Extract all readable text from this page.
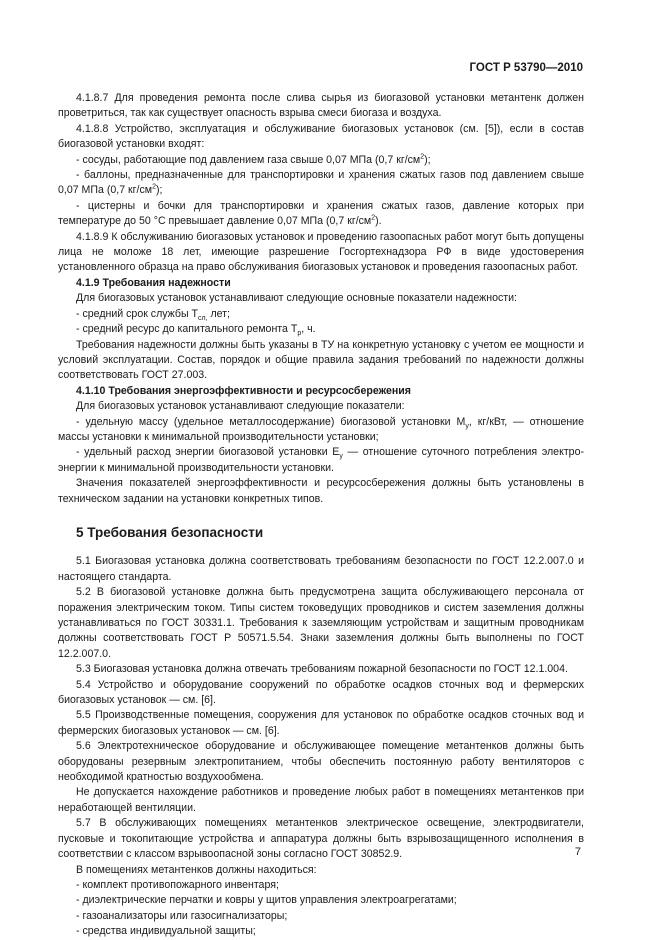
ГОСТ Р 53790—2010

4.1.8.7 Для проведения ремонта после слива сырья из биогазовой установки метантенк должен проветриться, так как существует опасность взрыва смеси биогаза и воздуха.

4.1.8.8 Устройство, эксплуатация и обслуживание биогазовых установок (см. [5]), если в состав биогазовой установки входят:

- сосуды, работающие под давлением газа свыше 0,07 МПа (0,7 $кг/см^2$);

- баллоны, предназначенные для транспортировки и хранения сжатых газов под давлением свыше 0,07 МПа (0,7 $кг/см^2$);

- цистерны и бочки для транспортировки и хранения сжатых газов, давление которых при температуре до 50 °С превышает давление 0,07 МПа (0,7 $кг/см^2$).

4.1.8.9 К обслуживанию биогазовых установок и проведению газоопасных работ могут быть допущены лица не моложе 18 лет, имеющие разрешение Госгортехнадзора РФ в виде удостоверения установленного образца на право обслуживания биогазовых установок и проведения газоопасных работ.

4.1.9 Требования надежности

Для биогазовых установок устанавливают следующие основные показатели надежности:

- средний срок службы $Т_{сл,}$ лет;

- средний ресурс до капитального ремонта $Т_р$, ч.

Требования надежности должны быть указаны в ТУ на конкретную установку с учетом ее мощности и условий эксплуатации. Состав, порядок и общие правила задания требований по надежности должны соответствовать ГОСТ 27.003.

4.1.10 Требования энергоэффективности и ресурсосбережения

Для биогазовых установок устанавливают следующие показатели:

- удельную массу (удельное металлосодержание) биогазовой установки $М_у$, кг/кВт, — отношение массы установки к минимальной производительности установки;

- удельный расход энергии биогазовой установки $Е_у$ — отношение суточного потребления электро- энергии к минимальной производительности установки.

Значения показателей энергоэффективности и ресурсосбережения должны быть установлены в техническом задании на установки конкретных типов.

5 Требования безопасности

5.1 Биогазовая установка должна соответствовать требованиям безопасности по ГОСТ 12.2.007.0 и настоящего стандарта.

5.2 В биогазовой установке должна быть предусмотрена защита обслуживающего персонала от поражения электрическим током. Типы систем токоведущих проводников и систем заземления должны устанавливаться по ГОСТ 30331.1. Требования к заземляющим устройствам и защитным проводникам должны соответствовать ГОСТ Р 50571.5.54. Знаки заземления должны быть выполнены по ГОСТ 12.2.007.0.

5.3 Биогазовая установка должна отвечать требованиям пожарной безопасности по ГОСТ 12.1.004.

5.4 Устройство и оборудование сооружений по обработке осадков сточных вод и фермерских биогазовых установок — см. [6].

5.5 Производственные помещения, сооружения для установок по обработке осадков сточных вод и фермерских биогазовых установок — см. [6].

5.6 Электротехническое оборудование и обслуживающее помещение метантенков должны быть оборудованы резервным электропитанием, чтобы обеспечить постоянную работу вентиляторов с необходимой кратностью воздухообмена.

Не допускается нахождение работников и проведение любых работ в помещениях метантенков при неработающей вентиляции.

5.7 В обслуживающих помещениях метантенков электрическое освещение, электродвигатели, пусковые и токопитающие устройства и аппаратура должны быть взрывозащищенного исполнения в соответствии с классом взрывоопасной зоны согласно ГОСТ 30852.9.

В помещениях метантенков должны находиться:

- комплект противопожарного инвентаря;

- диэлектрические перчатки и ковры у щитов управления электроагрегатами;

- газоанализаторы или газосигнализаторы;

- средства индивидуальной защиты;

7
